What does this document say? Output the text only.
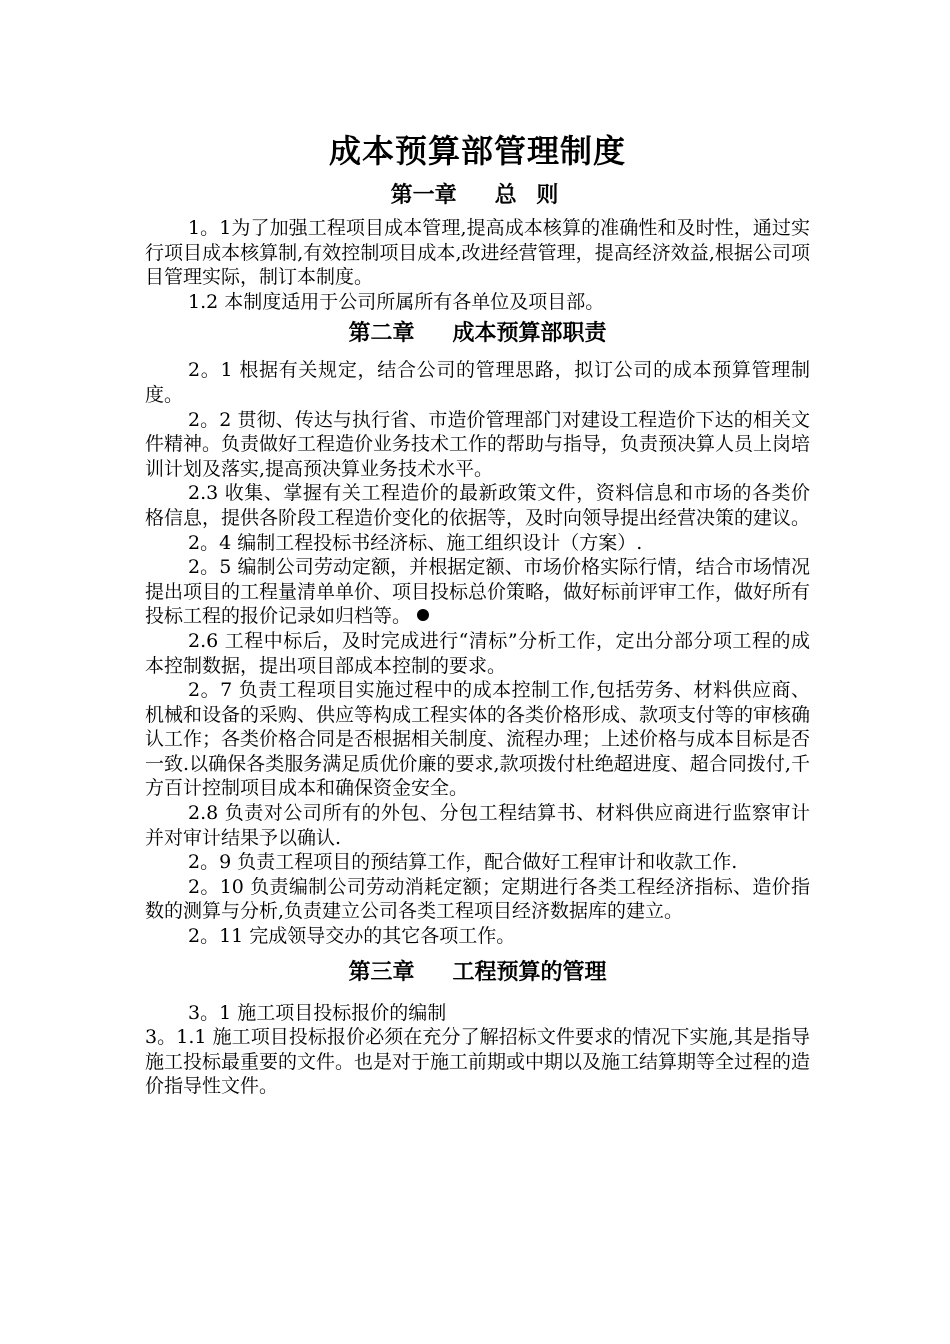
成本预算部管理制度
第一章 总 则

1。1为了加强工程项目成本管理,提高成本核算的准确性和及时性，通过实行项目成本核算制,有效控制项目成本,改进经营管理，提高经济效益,根据公司项目管理实际，制订本制度。

1.2 本制度适用于公司所属所有各单位及项目部。

第二章 成本预算部职责

2。1 根据有关规定，结合公司的管理思路，拟订公司的成本预算管理制度。

2。2 贯彻、传达与执行省、市造价管理部门对建设工程造价下达的相关文件精神。负责做好工程造价业务技术工作的帮助与指导，负责预决算人员上岗培训计划及落实,提高预决算业务技术水平。

2.3 收集、掌握有关工程造价的最新政策文件，资料信息和市场的各类价格信息，提供各阶段工程造价变化的依据等，及时向领导提出经营决策的建议。

2。4 编制工程投标书经济标、施工组织设计（方案）.

2。5 编制公司劳动定额，并根据定额、市场价格实际行情，结合市场情况提出项目的工程量清单单价、项目投标总价策略，做好标前评审工作，做好所有投标工程的报价记录如归档等。

2.6 工程中标后，及时完成进行“清标”分析工作，定出分部分项工程的成本控制数据，提出项目部成本控制的要求。

2。7 负责工程项目实施过程中的成本控制工作,包括劳务、材料供应商、机械和设备的采购、供应等构成工程实体的各类价格形成、款项支付等的审核确认工作；各类价格合同是否根据相关制度、流程办理；上述价格与成本目标是否一致.以确保各类服务满足质优价廉的要求,款项拨付杜绝超进度、超合同拨付,千方百计控制项目成本和确保资金安全。

2.8 负责对公司所有的外包、分包工程结算书、材料供应商进行监察审计并对审计结果予以确认.

2。9 负责工程项目的预结算工作，配合做好工程审计和收款工作.

2。10 负责编制公司劳动消耗定额；定期进行各类工程经济指标、造价指数的测算与分析,负责建立公司各类工程项目经济数据库的建立。

2。11 完成领导交办的其它各项工作。

第三章 工程预算的管理

3。1 施工项目投标报价的编制

3。1.1 施工项目投标报价必须在充分了解招标文件要求的情况下实施,其是指导施工投标最重要的文件。也是对于施工前期或中期以及施工结算期等全过程的造价指导性文件。
